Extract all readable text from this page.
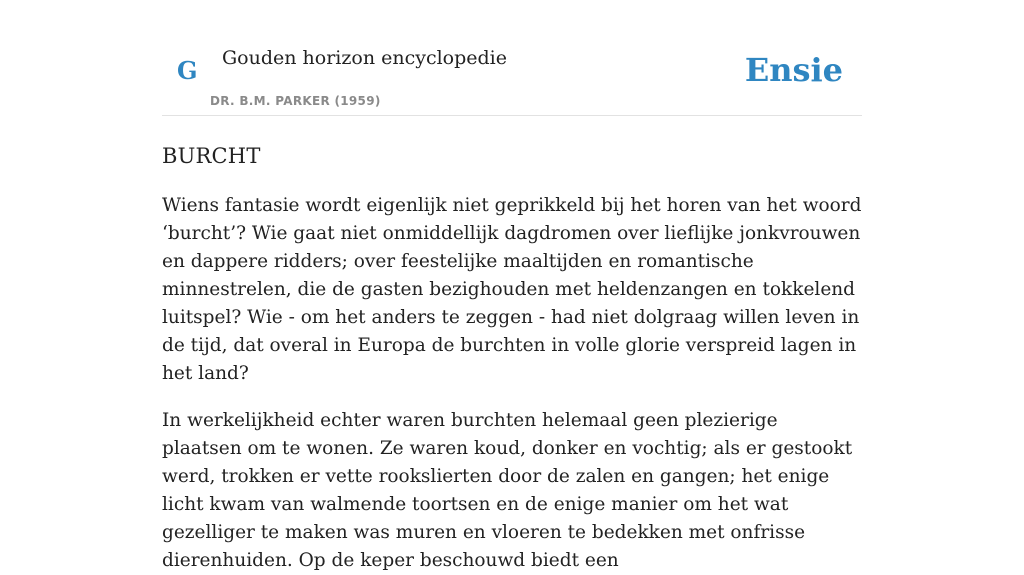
G Gouden horizon encyclopedie
DR. B.M. PARKER (1959)
Ensie
BURCHT

Wiens fantasie wordt eigenlijk niet geprikkeld bij het horen van het woord ‘burcht’? Wie gaat niet onmiddellijk dagdromen over lieflijke jonkvrouwen en dappere ridders; over feestelijke maaltijden en romantische minnestrelen, die de gasten bezighouden met heldenzangen en tokkelend luitspel? Wie - om het anders te zeggen - had niet dolgraag willen leven in de tijd, dat overal in Europa de burchten in volle glorie verspreid lagen in het land?

In werkelijkheid echter waren burchten helemaal geen plezierige plaatsen om te wonen. Ze waren koud, donker en vochtig; als er gestookt werd, trokken er vette rookslierten door de zalen en gangen; het enige licht kwam van walmende toortsen en de enige manier om het wat gezelliger te maken was muren en vloeren te bedekken met onfrisse dierenhuiden. Op de keper beschouwd biedt een
